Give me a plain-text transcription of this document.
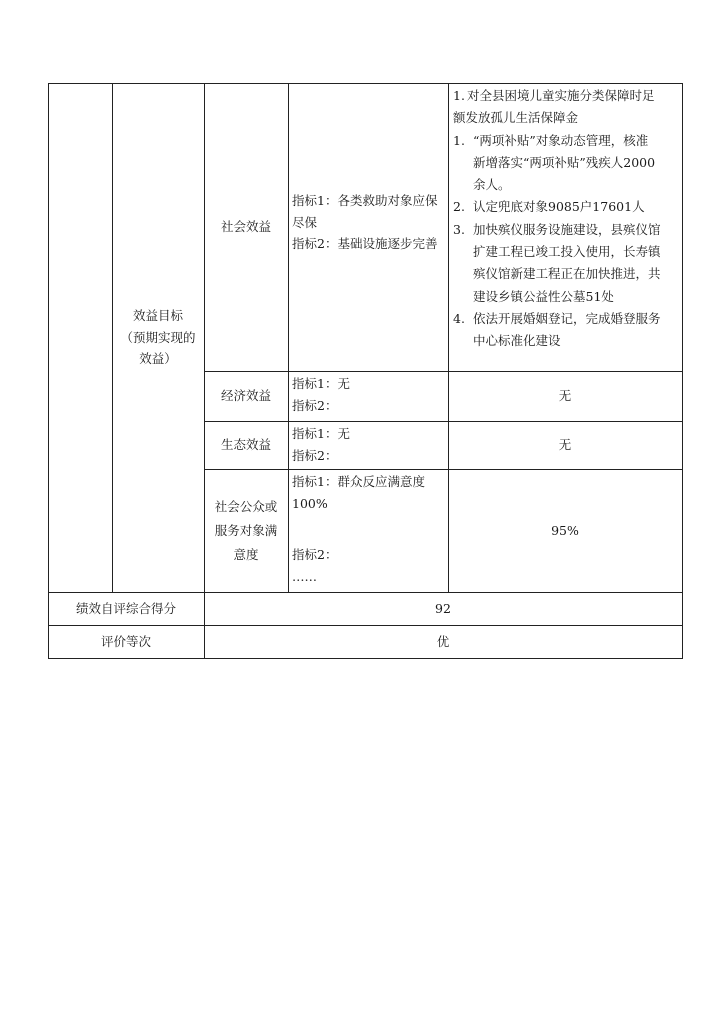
效益目标
（预期实现的
效益）
社会效益
指标1：各类救助对象应保
尽保
指标2：基础设施逐步完善
1. 对全县困境儿童实施分类保障时足
额发放孤儿生活保障金
1. “两项补贴”对象动态管理，核准
新增落实“两项补贴”残疾人2000
余人。
2. 认定兜底对象9085户17601人
3. 加快殡仪服务设施建设，县殡仪馆
扩建工程已竣工投入使用，长寿镇
殡仪馆新建工程正在加快推进，共
建设乡镇公益性公墓51处
4. 依法开展婚姻登记，完成婚登服务
中心标准化建设
经济效益
指标1：无
指标2：
无
生态效益
指标1：无
指标2：
无
社会公众或
服务对象满
意度
指标1：群众反应满意度
100%
指标2：
……
95%
绩效自评综合得分	92
评价等次	优
